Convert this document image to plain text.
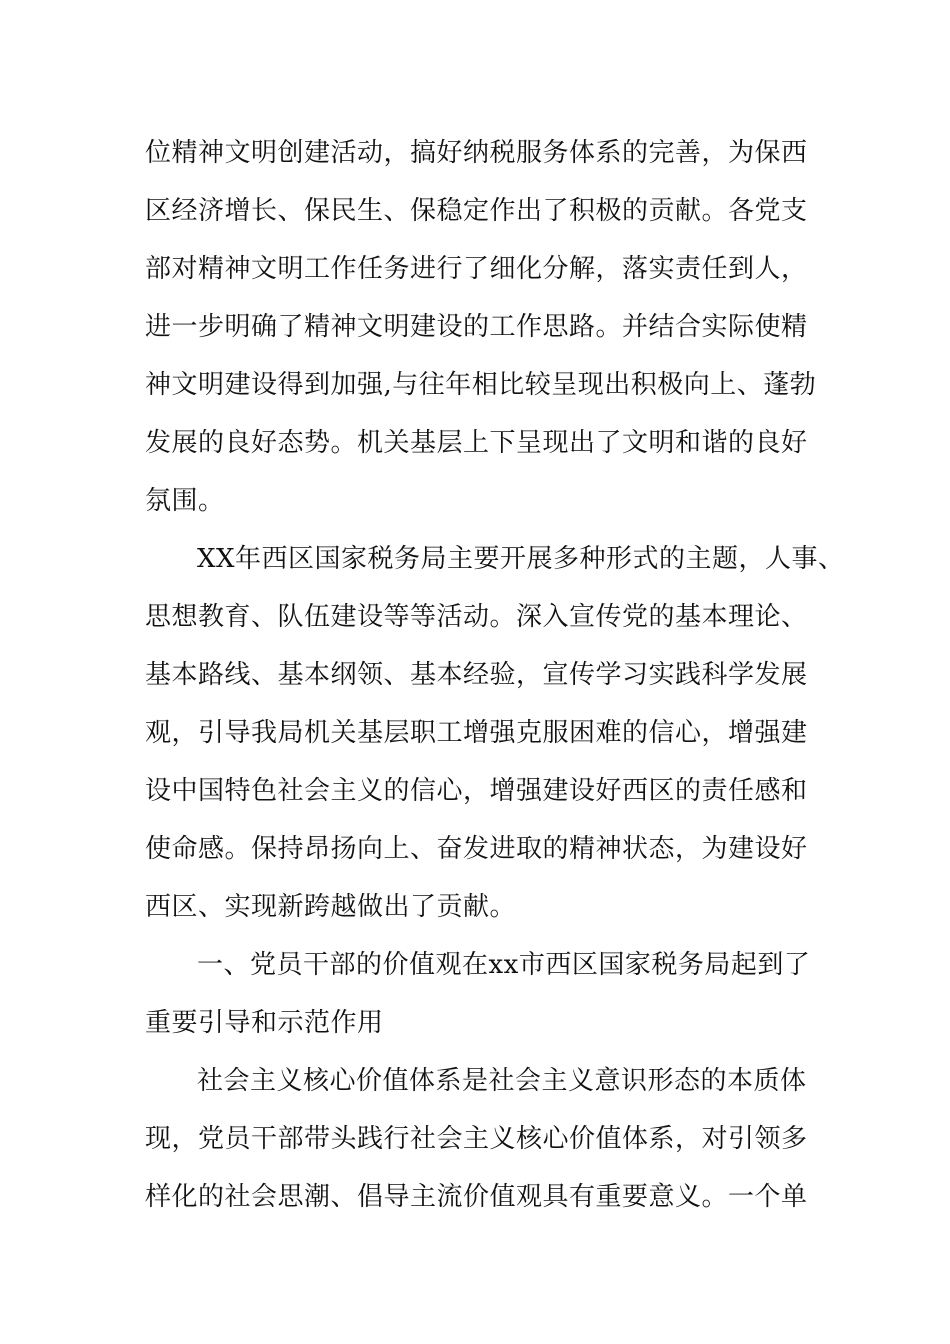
位精神文明创建活动，搞好纳税服务体系的完善，为保西
区经济增长、保民生、保稳定作出了积极的贡献。各党支
部对精神文明工作任务进行了细化分解，落实责任到人，
进一步明确了精神文明建设的工作思路。并结合实际使精
神文明建设得到加强,与往年相比较呈现出积极向上、蓬勃
发展的良好态势。机关基层上下呈现出了文明和谐的良好
氛围。
XX年西区国家税务局主要开展多种形式的主题，人事、
思想教育、队伍建设等等活动。深入宣传党的基本理论、
基本路线、基本纲领、基本经验，宣传学习实践科学发展
观，引导我局机关基层职工增强克服困难的信心，增强建
设中国特色社会主义的信心，增强建设好西区的责任感和
使命感。保持昂扬向上、奋发进取的精神状态，为建设好
西区、实现新跨越做出了贡献。
一、党员干部的价值观在xx市西区国家税务局起到了
重要引导和示范作用
社会主义核心价值体系是社会主义意识形态的本质体
现，党员干部带头践行社会主义核心价值体系，对引领多
样化的社会思潮、倡导主流价值观具有重要意义。一个单
